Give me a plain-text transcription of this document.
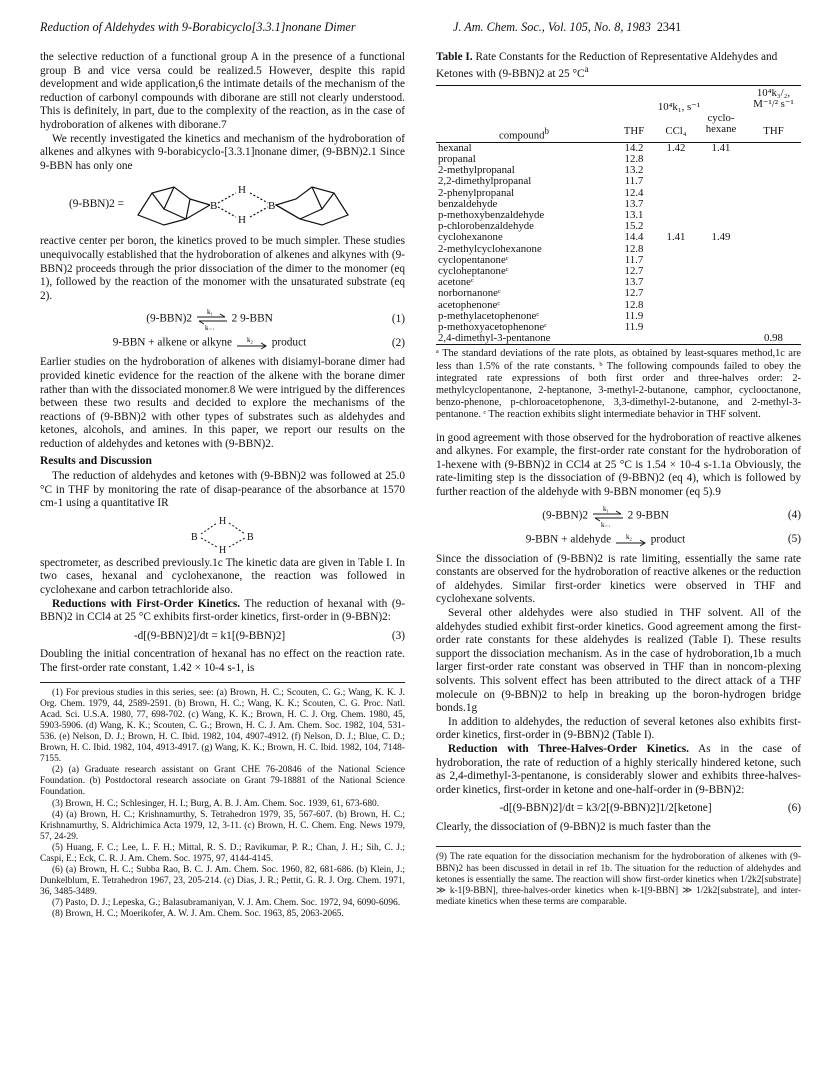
Reduction of Aldehydes with 9-Borabicyclo[3.3.1]nonane Dimer	J. Am. Chem. Soc., Vol. 105, No. 8, 1983 2341

the selective reduction of a functional group A in the presence of a functional group B and vice versa could be realized.5 However, despite this rapid development and wide application,6 the intimate details of the mechanism of the reduction of carbonyl compounds with diborane are still not clearly understood. This is definitely, in part, due to the complexity of the reaction, as in the case of hydroboration of alkenes with diborane.7

We recently investigated the kinetics and mechanism of the hydroboration of alkenes and alkynes with 9-borabicyclo-[3.3.1]nonane dimer, (9-BBN)2.1 Since 9-BBN has only one

(9-BBN)2 =	B	B
H
H

reactive center per boron, the kinetics proved to be much simpler. These studies unequivocally established that the hydroboration of alkenes and alkynes with (9-BBN)2 proceeds through the prior dissociation of the dimer to the monomer (eq 1), followed by the reaction of the monomer with the unsaturated substrate (eq 2).

(9-BBN)2
k₁
k₋₁
2 9-BBN	(1)
9-BBN + alkene or alkyne k₂ product	(2)

Earlier studies on the hydroboration of alkenes with disiamyl-borane dimer had provided kinetic evidence for the reaction of the alkene with the borane dimer rather than with the dissociated monomer.8 We were intrigued by the differences between these two results and decided to explore the mechanisms of the reactions of (9-BBN)2 with other types of substrates such as aldehydes and ketones, alcohols, and amines. In this paper, we report our results on the reduction of aldehydes and ketones with (9-BBN)2.

Results and Discussion

The reduction of aldehydes and ketones with (9-BBN)2 was followed at 25.0 °C in THF by monitoring the rate of disap-pearance of the absorbance at 1570 cm-1 using a quantitative IR

B	B
H
H

spectrometer, as described previously.1c The kinetic data are given in Table I. In two cases, hexanal and cyclohexanone, the reaction was followed in cyclohexane and carbon tetrachloride also.

Reductions with First-Order Kinetics. The reduction of hexanal with (9-BBN)2 in CCl4 at 25 °C exhibits first-order kinetics, first-order in (9-BBN)2:

-d[(9-BBN)2]/dt = k1[(9-BBN)2]	(3)

Doubling the initial concentration of hexanal has no effect on the reaction rate. The first-order rate constant, 1.42 × 10-4 s-1, is

(1) For previous studies in this series, see: (a) Brown, H. C.; Scouten, C. G.; Wang, K. K. J. Org. Chem. 1979, 44, 2589-2591. (b) Brown, H. C.; Wang, K. K.; Scouten, C. G. Proc. Natl. Acad. Sci. U.S.A. 1980, 77, 698-702. (c) Wang, K. K.; Brown, H. C. J. Org. Chem. 1980, 45, 5903-5906. (d) Wang, K. K.; Scouten, C. G.; Brown, H. C. J. Am. Chem. Soc. 1982, 104, 531-536. (e) Nelson, D. J.; Brown, H. C. Ibid. 1982, 104, 4907-4912. (f) Nelson, D. J.; Blue, C. D.; Brown, H. C. Ibid. 1982, 104, 4913-4917. (g) Wang, K. K.; Brown, H. C. Ibid. 1982, 104, 7148-7155.

(2) (a) Graduate research assistant on Grant CHE 76-20846 of the National Science Foundation. (b) Postdoctoral research associate on Grant 79-18881 of the National Science Foundation.

(3) Brown, H. C.; Schlesinger, H. I.; Burg, A. B. J. Am. Chem. Soc. 1939, 61, 673-680.

(4) (a) Brown, H. C.; Krishnamurthy, S. Tetrahedron 1979, 35, 567-607. (b) Brown, H. C.; Krishnamurthy, S. Aldrichimica Acta 1979, 12, 3-11. (c) Brown, H. C. Chem. Eng. News 1979, 57, 24-29.

(5) Huang, F. C.; Lee, L. F. H.; Mittal, R. S. D.; Ravikumar, P. R.; Chan, J. H.; Sih, C. J.; Caspi, E.; Eck, C. R. J. Am. Chem. Soc. 1975, 97, 4144-4145.

(6) (a) Brown, H. C.; Subba Rao, B. C. J. Am. Chem. Soc. 1960, 82, 681-686. (b) Klein, J.; Dunkelblum, E. Tetrahedron 1967, 23, 205-214. (c) Dias, J. R.; Pettit, G. R. J. Org. Chem. 1971, 36, 3485-3489.

(7) Pasto, D. J.; Lepeska, G.; Balasubramaniyan, V. J. Am. Chem. Soc. 1972, 94, 6090-6096.

(8) Brown, H. C.; Moerikofer, A. W. J. Am. Chem. Soc. 1963, 85, 2063-2065.

Table I. Rate Constants for the Reduction of Representative Aldehydes and Ketones with (9-BBN)2 at 25 $^\circ C^a$
	10⁴k₁, s⁻¹			10⁴k₃/₂, M⁻¹/² s⁻¹
compound$^b$	THF	CCl₄	cyclo-hexane	THF
hexanal	14.2	1.42	1.41	
propanal	12.8			
2-methylpropanal	13.2			
2,2-dimethylpropanal	11.7			
2-phenylpropanal	12.4			
benzaldehyde	13.7			
p-methoxybenzaldehyde	13.1			
p-chlorobenzaldehyde	15.2			
cyclohexanone	14.4	1.41	1.49	
2-methylcyclohexanone	12.8			
cyclopentanoneᶜ	11.7			
cycloheptanoneᶜ	12.7			
acetoneᶜ	13.7			
norbornanoneᶜ	12.7			
acetophenoneᶜ	12.8			
p-methylacetophenoneᶜ	11.9			
p-methoxyacetophenoneᶜ	11.9			
2,4-dimethyl-3-pentanone				0.98
ᵃ The standard deviations of the rate plots, as obtained by least-squares method,1c are less than 1.5% of the rate constants. ᵇ The following compounds failed to obey the integrated rate expressions of both first order and three-halves order: 2-methylcyclopentanone, 2-heptanone, 3-methyl-2-butanone, camphor, cyclooctanone, benzo-phenone, p-chloroacetophenone, 3,3-dimethyl-2-butanone, and 2-methyl-3-pentanone. ᶜ The reaction exhibits slight intermediate behavior in THF solvent.

in good agreement with those observed for the hydroboration of reactive alkenes and alkynes. For example, the first-order rate constant for the hydroboration of 1-hexene with (9-BBN)2 in CCl4 at 25 °C is 1.54 × 10-4 s-1.1a Obviously, the rate-limiting step is the dissociation of (9-BBN)2 (eq 4), which is followed by further reaction of the aldehyde with 9-BBN monomer (eq 5).9

(9-BBN)2
k₁
k₋₁
2 9-BBN	(4)
9-BBN + aldehyde k₂ product	(5)

Since the dissociation of (9-BBN)2 is rate limiting, essentially the same rate constants are observed for the hydroboration of reactive alkenes or the reduction of aldehydes. Similar first-order kinetics were observed in THF and cyclohexane solvents.

Several other aldehydes were also studied in THF solvent. All of the aldehydes studied exhibit first-order kinetics. Good agreement among the first-order rate constants for these aldehydes is realized (Table I). These results support the dissociation mechanism. As in the case of hydroboration,1b a much larger first-order rate constant was observed in THF than in noncom-plexing solvents. This solvent effect has been attributed to the direct attack of a THF molecule on (9-BBN)2 to help in breaking up the boron-hydrogen bridge bonds.1g

In addition to aldehydes, the reduction of several ketones also exhibits first-order kinetics, first-order in (9-BBN)2 (Table I).

Reduction with Three-Halves-Order Kinetics. As in the case of hydroboration, the rate of reduction of a highly sterically hindered ketone, such as 2,4-dimethyl-3-pentanone, is considerably slower and exhibits three-halves-order kinetics, first-order in ketone and one-half-order in (9-BBN)2:

-d[(9-BBN)2]/dt = k3/2[(9-BBN)2]1/2[ketone]	(6)

Clearly, the dissociation of (9-BBN)2 is much faster than the

(9) The rate equation for the dissociation mechanism for the hydroboration of alkenes with (9-BBN)2 has been discussed in detail in ref 1b. The situation for the reduction of aldehydes and ketones is essentially the same. The reaction will show first-order kinetics when 1/2k2[substrate] ≫ k-1[9-BBN], three-halves-order kinetics when k-1[9-BBN] ≫ 1/2k2[substrate], and inter-mediate kinetics when these terms are comparable.
